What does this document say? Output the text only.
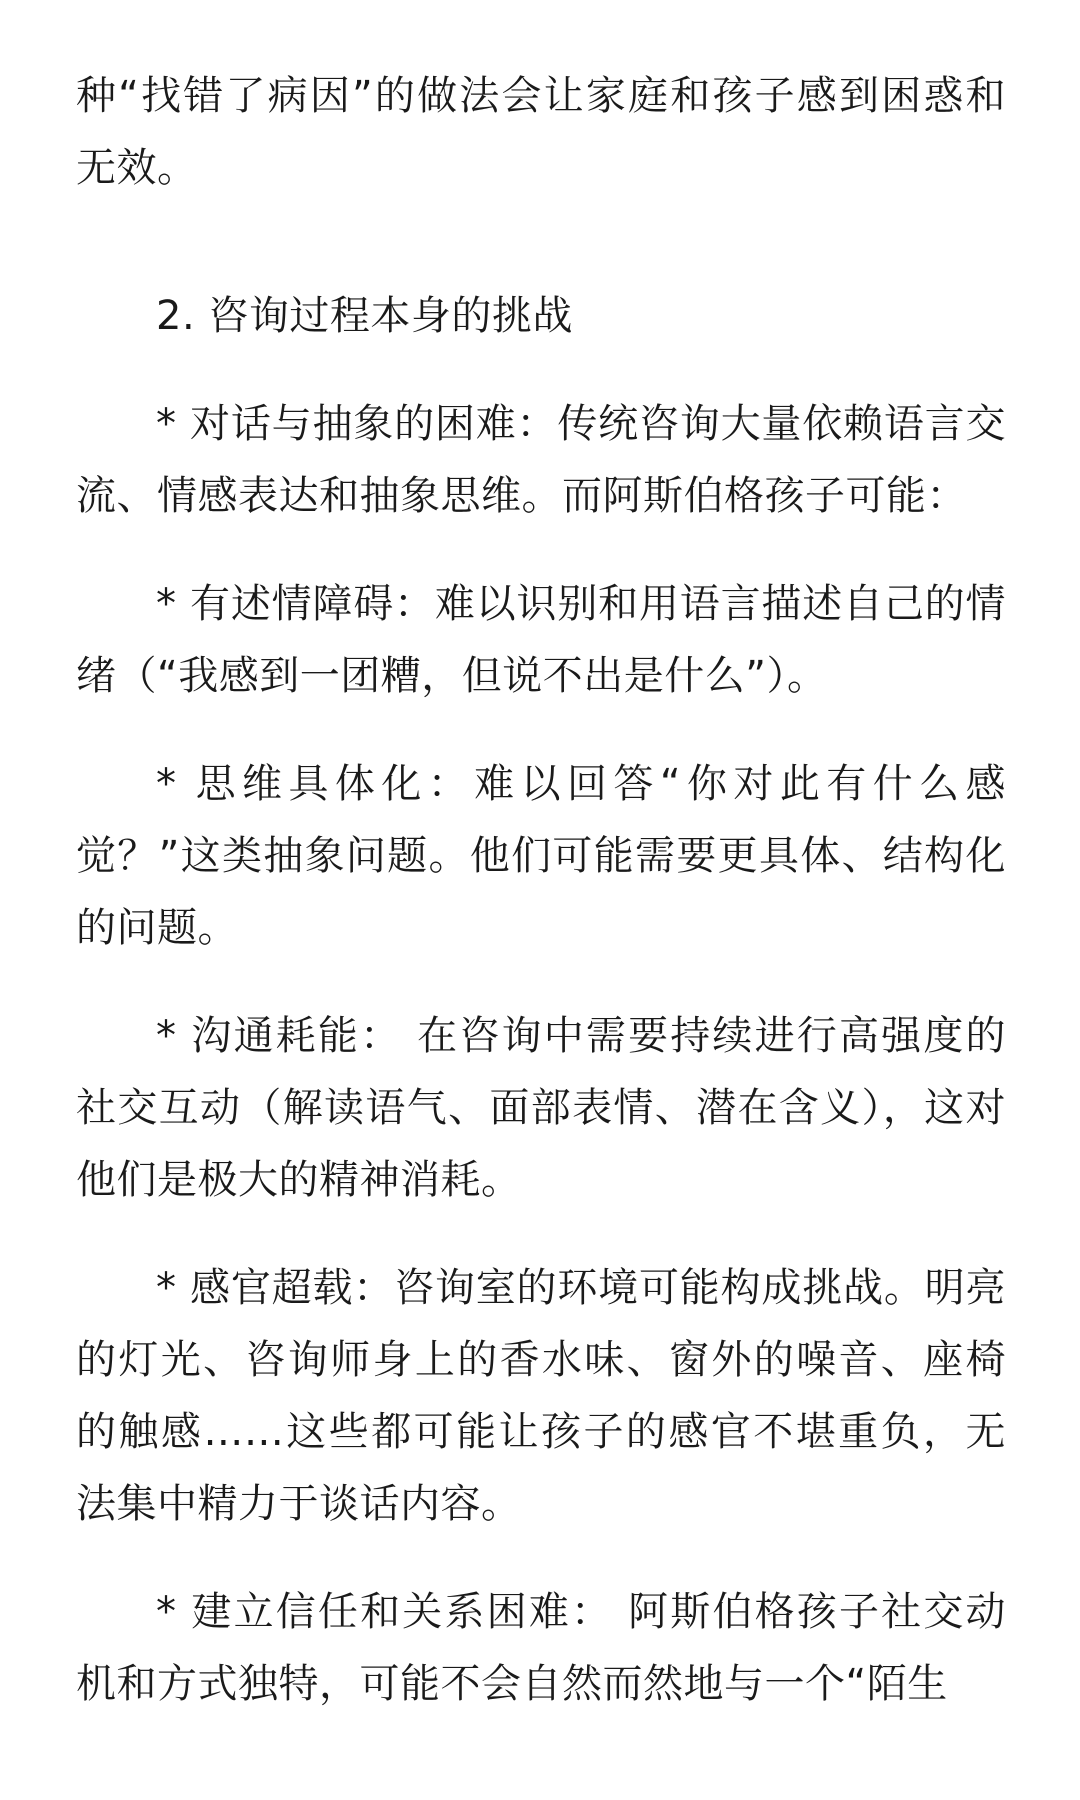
种“找错了病因”的做法会让家庭和孩子感到困惑和无效。

2. 咨询过程本身的挑战

* 对话与抽象的困难：传统咨询大量依赖语言交流、情感表达和抽象思维。而阿斯伯格孩子可能：

* 有述情障碍：难以识别和用语言描述自己的情绪（“我感到一团糟，但说不出是什么”）。

* 思维具体化：难以回答“你对此有什么感觉？”这类抽象问题。他们可能需要更具体、结构化的问题。

* 沟通耗能： 在咨询中需要持续进行高强度的社交互动（解读语气、面部表情、潜在含义），这对他们是极大的精神消耗。

* 感官超载：咨询室的环境可能构成挑战。明亮的灯光、咨询师身上的香水味、窗外的噪音、座椅的触感……这些都可能让孩子的感官不堪重负，无法集中精力于谈话内容。

* 建立信任和关系困难： 阿斯伯格孩子社交动机和方式独特，可能不会自然而然地与一个“陌生
